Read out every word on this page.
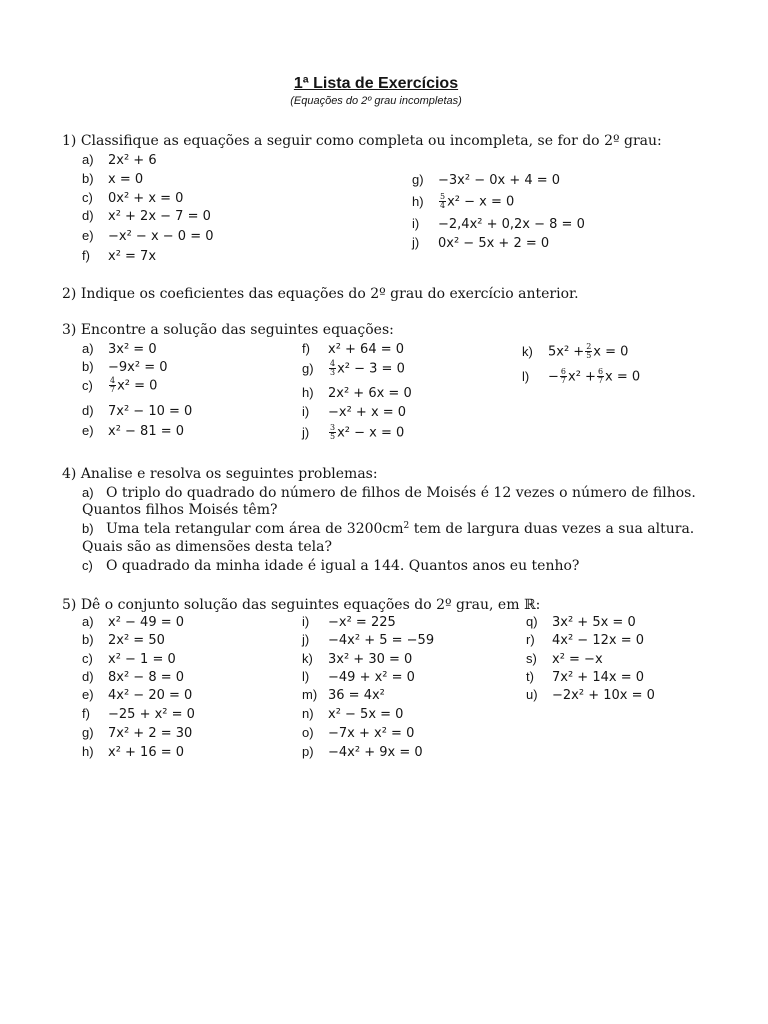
1ª Lista de Exercícios
(Equações do 2º grau incompletas)
1) Classifique as equações a seguir como completa ou incompleta, se for do 2º grau:
a) 2x² + 6
b) x = 0
c) 0x² + x = 0
d) x² + 2x − 7 = 0
e) −x² − x − 0 = 0
f) x² = 7x
g) −3x² − 0x + 4 = 0
$h) \frac{5}{4} x^2 - x = 0$
i) −2,4x² + 0,2x − 8 = 0
j) 0x² − 5x + 2 = 0
2) Indique os coeficientes das equações do 2º grau do exercício anterior.
3) Encontre a solução das seguintes equações:
a) 3x² = 0
b) −9x² = 0
$c) \frac{4}{7} x^2 = 0$
d) 7x² − 10 = 0
e) x² − 81 = 0
f) x² + 64 = 0
$g) \frac{4}{3} x^2 - 3 = 0$
h) 2x² + 6x = 0
i) −x² + x = 0
$j) \frac{3}{5} x^2 - x = 0$
k) $5x^2 + \frac{2}{5}$ x = 0
$l) - \frac{6}{7} x^2 + \frac{6}{7}$ x = 0
4) Analise e resolva os seguintes problemas:
a) O triplo do quadrado do número de filhos de Moisés é 12 vezes o número de filhos.
Quantos filhos Moisés têm?
b) Uma tela retangular com área de $3200cm^2$ tem de largura duas vezes a sua altura.
Quais são as dimensões desta tela?
c) O quadrado da minha idade é igual a 144. Quantos anos eu tenho?
5) Dê o conjunto solução das seguintes equações do 2º grau, em ℝ:
a) x² − 49 = 0
b) 2x² = 50
c) x² − 1 = 0
d) 8x² − 8 = 0
e) 4x² − 20 = 0
f) −25 + x² = 0
g) 7x² + 2 = 30
h) x² + 16 = 0
i) −x² = 225
j) −4x² + 5 = −59
k) 3x² + 30 = 0
l) −49 + x² = 0
m) 36 = 4x²
n) x² − 5x = 0
o) −7x + x² = 0
p) −4x² + 9x = 0
q) 3x² + 5x = 0
r) 4x² − 12x = 0
s) x² = −x
t) 7x² + 14x = 0
u) −2x² + 10x = 0
